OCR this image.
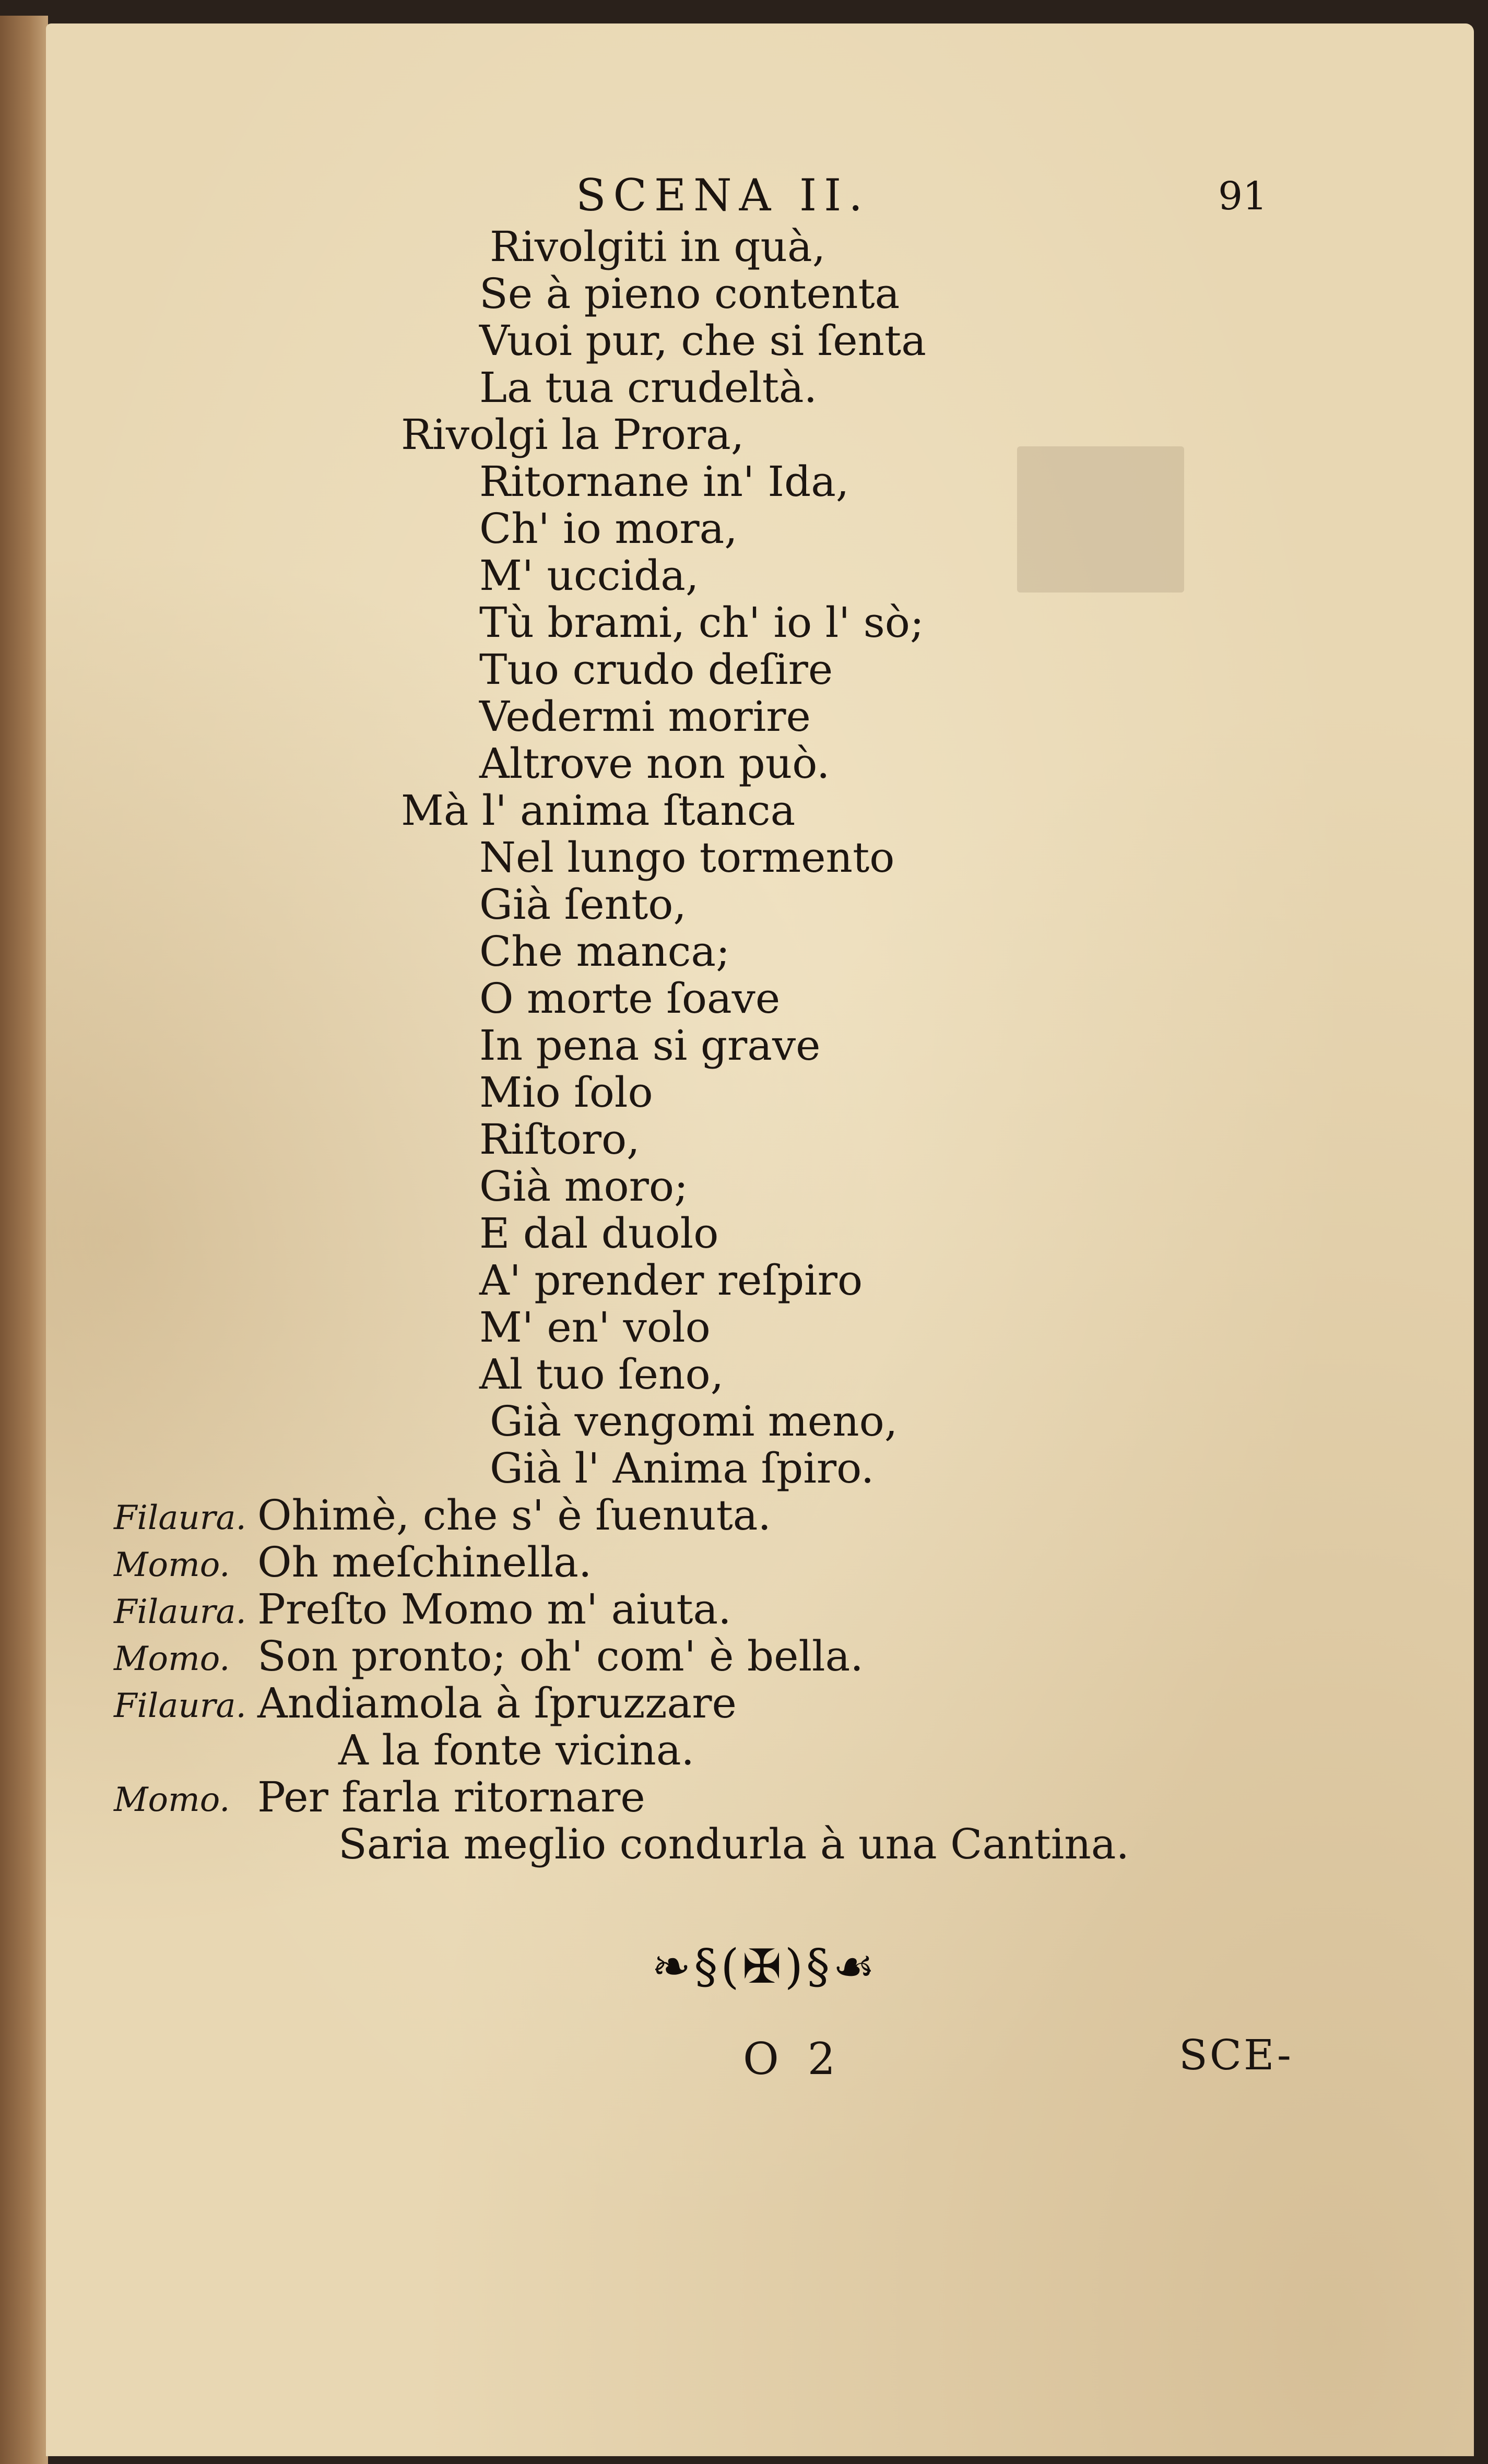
SCENA II.	91

Rivolgiti in quà,

Se à pieno contenta

Vuoi pur, che si ſenta

La tua crudeltà.

Rivolgi la Prora,

Ritornane in' Ida,

Ch' io mora,

M' uccida,

Tù brami, ch' io l' sò;

Tuo crudo deſire

Vedermi morire

Altrove non può.

Mà l' anima ſtanca

Nel lungo tormento

Già ſento,

Che manca;

O morte ſoave

In pena si grave

Mio ſolo

Riſtoro,

Già moro;

E dal duolo

A' prender reſpiro

M' en' volo

Al tuo ſeno,

Già vengomi meno,

Già l' Anima ſpiro.

Filaura. Ohimè, che s' è ſuenuta.

Momo. Oh meſchinella.

Filaura. Preſto Momo m' aiuta.

Momo. Son pronto; oh' com' è bella.

Filaura. Andiamola à ſpruzzare

A la fonte vicina.

Momo. Per farla ritornare

Saria meglio condurla à una Cantina.

❧§(✠)§☙
O 2	SCE-
